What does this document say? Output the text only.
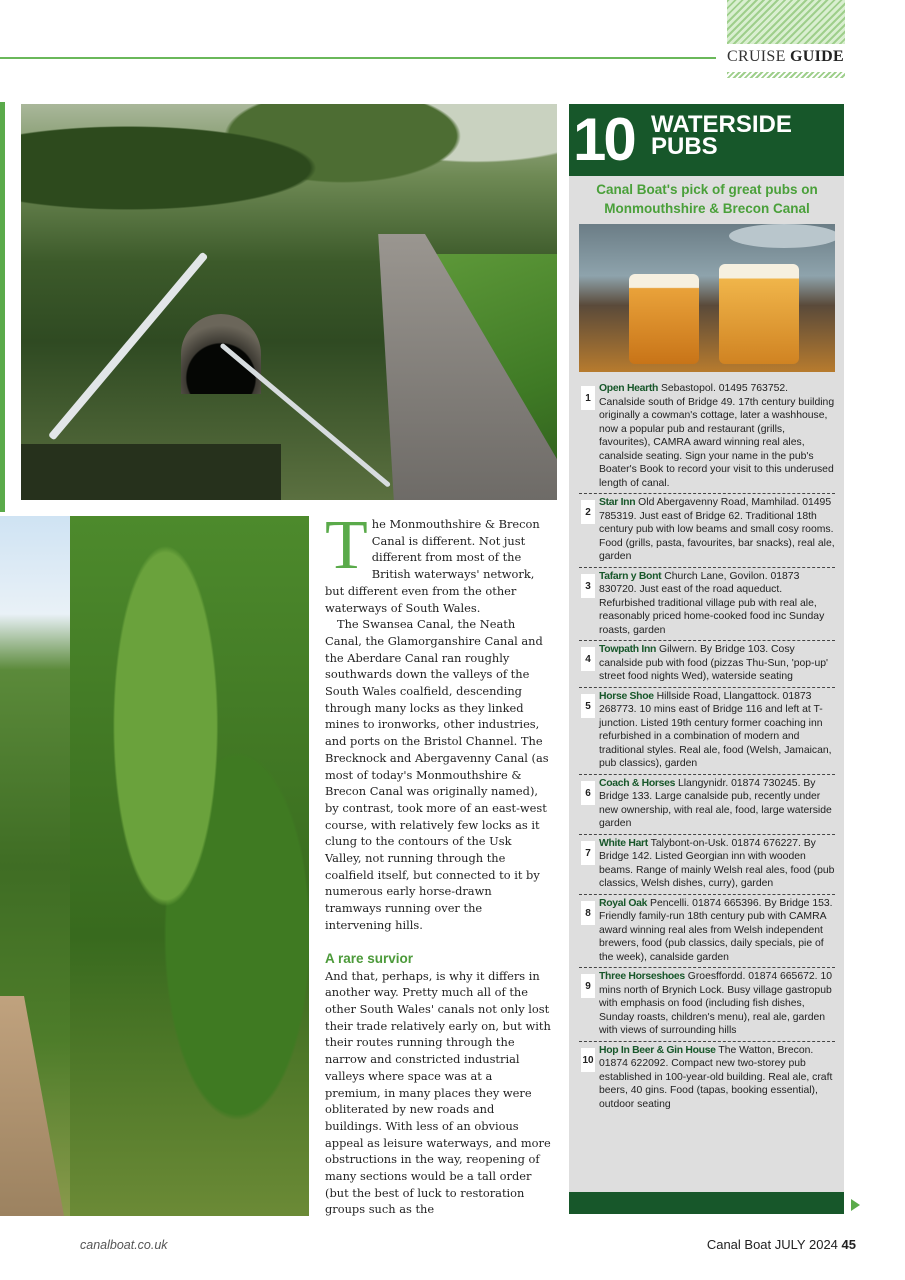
CRUISE GUIDE
T he Monmouthshire & Brecon Canal is different. Not just different from most of the British waterways' network, but different even from the other waterways of South Wales.

The Swansea Canal, the Neath Canal, the Glamorganshire Canal and the Aberdare Canal ran roughly southwards down the valleys of the South Wales coalfield, descending through many locks as they linked mines to ironworks, other industries, and ports on the Bristol Channel. The Brecknock and Abergavenny Canal (as most of today's Monmouthshire & Brecon Canal was originally named), by contrast, took more of an east-west course, with relatively few locks as it clung to the contours of the Usk Valley, not running through the coalfield itself, but connected to it by numerous early horse-drawn tramways running over the intervening hills.

A rare survior

And that, perhaps, is why it differs in another way. Pretty much all of the other South Wales' canals not only lost their trade relatively early on, but with their routes running through the narrow and constricted industrial valleys where space was at a premium, in many places they were obliterated by new roads and buildings. With less of an obvious appeal as leisure waterways, and more obstructions in the way, reopening of many sections would be a tall order (but the best of luck to restoration groups such as the

10 WATERSIDE
PUBS
Canal Boat's pick of great pubs on Monmouthshire & Brecon Canal
1
Open Hearth Sebastopol. 01495 763752. Canalside south of Bridge 49. 17th century building originally a cowman's cottage, later a washhouse, now a popular pub and restaurant (grills, favourites), CAMRA award winning real ales, canalside seating. Sign your name in the pub's Boater's Book to record your visit to this underused length of canal.
2
Star Inn Old Abergavenny Road, Mamhilad. 01495 785319. Just east of Bridge 62. Traditional 18th century pub with low beams and small cosy rooms. Food (grills, pasta, favourites, bar snacks), real ale, garden
3
Tafarn y Bont Church Lane, Govilon. 01873 830720. Just east of the road aqueduct. Refurbished traditional village pub with real ale, reasonably priced home-cooked food inc Sunday roasts, garden
4
Towpath Inn Gilwern. By Bridge 103. Cosy canalside pub with food (pizzas Thu-Sun, 'pop-up' street food nights Wed), waterside seating
5
Horse Shoe Hillside Road, Llangattock. 01873 268773. 10 mins east of Bridge 116 and left at T-junction. Listed 19th century former coaching inn refurbished in a combination of modern and traditional styles. Real ale, food (Welsh, Jamaican, pub classics), garden
6
Coach & Horses Llangynidr. 01874 730245. By Bridge 133. Large canalside pub, recently under new ownership, with real ale, food, large waterside garden
7
White Hart Talybont-on-Usk. 01874 676227. By Bridge 142. Listed Georgian inn with wooden beams. Range of mainly Welsh real ales, food (pub classics, Welsh dishes, curry), garden
8
Royal Oak Pencelli. 01874 665396. By Bridge 153. Friendly family-run 18th century pub with CAMRA award winning real ales from Welsh independent brewers, food (pub classics, daily specials, pie of the week), canalside garden
9
Three Horseshoes Groesffordd. 01874 665672. 10 mins north of Brynich Lock. Busy village gastropub with emphasis on food (including fish dishes, Sunday roasts, children's menu), real ale, garden with views of surrounding hills
10
Hop In Beer & Gin House The Watton, Brecon. 01874 622092. Compact new two-storey pub established in 100-year-old building. Real ale, craft beers, 40 gins. Food (tapas, booking essential), outdoor seating
canalboat.co.uk	Canal Boat JULY 2024 45
